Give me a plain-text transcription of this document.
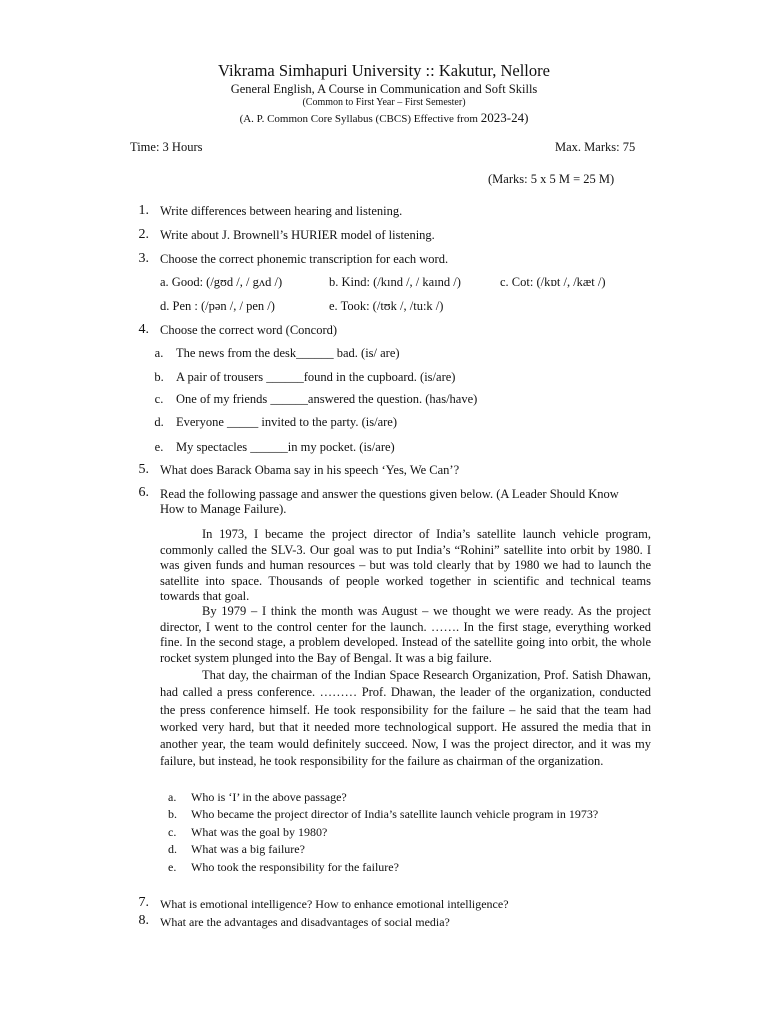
Vikrama Simhapuri University :: Kakutur, Nellore
General English, A Course in Communication and Soft Skills
(Common to First Year – First Semester)
(A. P. Common Core Syllabus (CBCS) Effective from 2023-24)
Time: 3 Hours	Max. Marks: 75
(Marks: 5 x 5 M = 25 M)
1. Write differences between hearing and listening.
2. Write about J. Brownell’s HURIER model of listening.
3. Choose the correct phonemic transcription for each word.
a. Good: (/gʊd /, / gʌd /)	b. Kind: (/kınd /, / kaınd /)	c. Cot: (/kɒt /, /kæt /)
d. Pen : (/pən /, / pen /)	e. Took: (/tʊk /, /tu:k /)
4. Choose the correct word (Concord)
a.	The news from the desk______ bad. (is/ are)
b. A pair of trousers ______found in the cupboard. (is/are)
c.	One of my friends ______answered the question. (has/have)
d. Everyone _____ invited to the party. (is/are)
e.	My spectacles ______in my pocket. (is/are)
5. What does Barack Obama say in his speech ‘Yes, We Can’?
6. Read the following passage and answer the questions given below. (A Leader Should Know
How to Manage Failure).
In 1973, I became the project director of India’s satellite launch vehicle program, commonly called the SLV-3. Our goal was to put India’s “Rohini” satellite into orbit by 1980. I was given funds and human resources – but was told clearly that by 1980 we had to launch the satellite into space. Thousands of people worked together in scientific and technical teams towards that goal.
By 1979 – I think the month was August – we thought we were ready. As the project director, I went to the control center for the launch. ……. In the first stage, everything worked fine. In the second stage, a problem developed. Instead of the satellite going into orbit, the whole rocket system plunged into the Bay of Bengal. It was a big failure.
That day, the chairman of the Indian Space Research Organization, Prof. Satish Dhawan, had called a press conference. ……… Prof. Dhawan, the leader of the organization, conducted the press conference himself. He took responsibility for the failure – he said that the team had worked very hard, but that it needed more technological support. He assured the media that in another year, the team would definitely succeed. Now, I was the project director, and it was my failure, but instead, he took responsibility for the failure as chairman of the organization.
a. Who is ‘I’ in the above passage?
b. Who became the project director of India’s satellite launch vehicle program in 1973?
c. What was the goal by 1980?
d. What was a big failure?
e. Who took the responsibility for the failure?
7. What is emotional intelligence? How to enhance emotional intelligence?
8. What are the advantages and disadvantages of social media?
